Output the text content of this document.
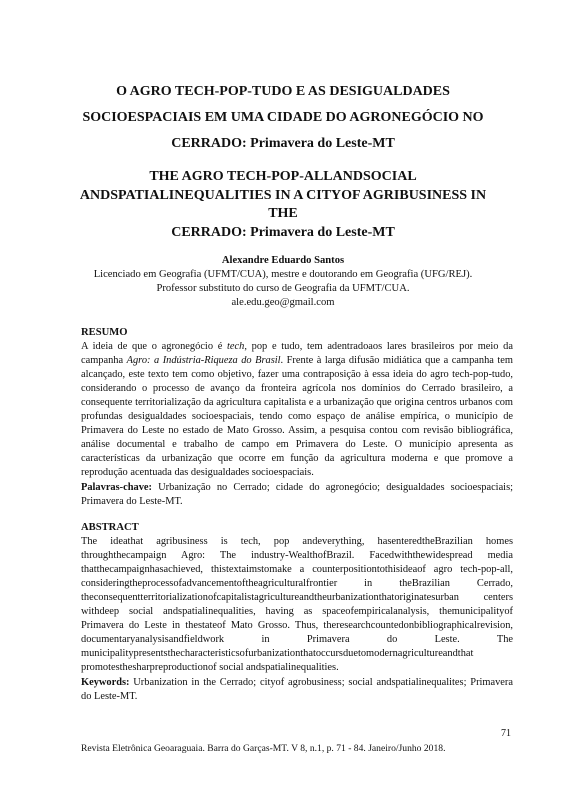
O AGRO TECH-POP-TUDO E AS DESIGUALDADES
SOCIOESPACIAIS EM UMA CIDADE DO AGRONEGÓCIO NO
CERRADO: Primavera do Leste-MT
THE AGRO TECH-POP-ALLANDSOCIAL
ANDSPATIALINEQUALITIES IN A CITYOF AGRIBUSINESS IN THE
CERRADO: Primavera do Leste-MT
Alexandre Eduardo Santos
Licenciado em Geografia (UFMT/CUA), mestre e doutorando em Geografia (UFG/REJ).
Professor substituto do curso de Geografia da UFMT/CUA.
ale.edu.geo@gmail.com
RESUMO
A ideia de que o agronegócio é tech, pop e tudo, tem adentradoaos lares brasileiros por meio da campanha Agro: a Indústria-Riqueza do Brasil. Frente à larga difusão midiática que a campanha tem alcançado, este texto tem como objetivo, fazer uma contraposição à essa ideia do agro tech-pop-tudo, considerando o processo de avanço da fronteira agrícola nos domínios do Cerrado brasileiro, a consequente territorialização da agricultura capitalista e a urbanização que origina centros urbanos com profundas desigualdades socioespaciais, tendo como espaço de análise empírica, o município de Primavera do Leste no estado de Mato Grosso. Assim, a pesquisa contou com revisão bibliográfica, análise documental e trabalho de campo em Primavera do Leste. O município apresenta as características da urbanização que ocorre em função da agricultura moderna e que promove a reprodução acentuada das desigualdades socioespaciais.
Palavras-chave: Urbanização no Cerrado; cidade do agronegócio; desigualdades socioespaciais; Primavera do Leste-MT.
ABSTRACT
The ideathat agribusiness is tech, pop andeverything, hasenteredtheBrazilian homes throughthecampaign Agro: The industry-WealthofBrazil. Facedwiththewidespread media thatthecampaignhasachieved, thistextaimstomake a counterpositiontothisideaof agro tech-pop-all, consideringtheprocessofadvancementoftheagriculturalfrontier in theBrazilian Cerrado, theconsequentterritorializationofcapitalistagricultureandtheurbanizationthatoriginatesurban centers withdeep social andspatialinequalities, having as spaceofempiricalanalysis, themunicipalityof Primavera do Leste in thestateof Mato Grosso. Thus, theresearchcountedonbibliographicalrevision, documentaryanalysisandfieldwork in Primavera do Leste. The municipalitypresentsthecharacteristicsofurbanizationthatoccursduetomodernagricultureandthat promotesthesharpreproductionof social andspatialinequalities.
Keywords: Urbanization in the Cerrado; cityof agrobusiness; social andspatialinequalites; Primavera do Leste-MT.
71
Revista Eletrônica Geoaraguaia. Barra do Garças-MT. V 8, n.1, p. 71 - 84. Janeiro/Junho 2018.
